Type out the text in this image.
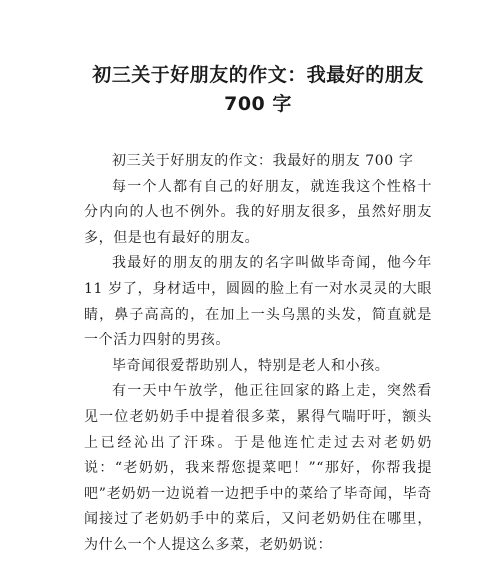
初三关于好朋友的作文：我最好的朋友 700 字

初三关于好朋友的作文：我最好的朋友 700 字

每一个人都有自己的好朋友，就连我这个性格十分内向的人也不例外。我的好朋友很多，虽然好朋友多，但是也有最好的朋友。

我最好的朋友的朋友的名字叫做毕奇闻，他今年 11 岁了，身材适中，圆圆的脸上有一对水灵灵的大眼睛，鼻子高高的，在加上一头乌黑的头发，简直就是一个活力四射的男孩。

毕奇闻很爱帮助别人，特别是老人和小孩。

有一天中午放学，他正往回家的路上走，突然看见一位老奶奶手中提着很多菜，累得气喘吁吁，额头上已经沁出了汗珠。于是他连忙走过去对老奶奶说：“老奶奶，我来帮您提菜吧！”“那好，你帮我提吧”老奶奶一边说着一边把手中的菜给了毕奇闻，毕奇闻接过了老奶奶手中的菜后，又问老奶奶住在哪里，为什么一个人提这么多菜，老奶奶说：
